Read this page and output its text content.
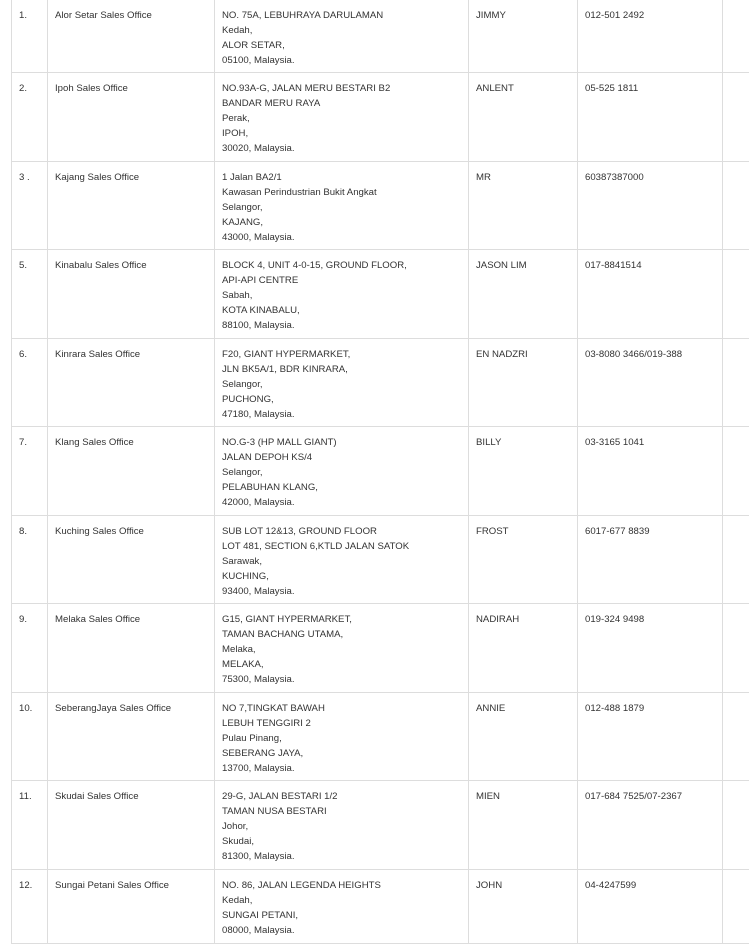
1.	Alor Setar Sales Office	NO. 75A, LEBUHRAYA DARULAMAN
Kedah,
ALOR SETAR,
05100, Malaysia.	JIMMY	012-501 2492	
2.	Ipoh Sales Office	NO.93A-G, JALAN MERU BESTARI B2
BANDAR MERU RAYA
Perak,
IPOH,
30020, Malaysia.	ANLENT	05-525 1811	
3 .	Kajang Sales Office	1 Jalan BA2/1
Kawasan Perindustrian Bukit Angkat
Selangor,
KAJANG,
43000, Malaysia.	MR	60387387000	
5.	Kinabalu Sales Office	BLOCK 4, UNIT 4-0-15, GROUND FLOOR,
API-API CENTRE
Sabah,
KOTA KINABALU,
88100, Malaysia.	JASON LIM	017-8841514	
6.	Kinrara Sales Office	F20, GIANT HYPERMARKET,
JLN BK5A/1, BDR KINRARA,
Selangor,
PUCHONG,
47180, Malaysia.	EN NADZRI	03-8080 3466/019-388	
7.	Klang Sales Office	NO.G-3 (HP MALL GIANT)
JALAN DEPOH KS/4
Selangor,
PELABUHAN KLANG,
42000, Malaysia.	BILLY	03-3165 1041	
8.	Kuching Sales Office	SUB LOT 12&13, GROUND FLOOR
LOT 481, SECTION 6,KTLD JALAN SATOK
Sarawak,
KUCHING,
93400, Malaysia.	FROST	6017-677 8839	
9.	Melaka Sales Office	G15, GIANT HYPERMARKET,
TAMAN BACHANG UTAMA,
Melaka,
MELAKA,
75300, Malaysia.	NADIRAH	019-324 9498	
10.	SeberangJaya Sales Office	NO 7,TINGKAT BAWAH
LEBUH TENGGIRI 2
Pulau Pinang,
SEBERANG JAYA,
13700, Malaysia.	ANNIE	012-488 1879	
11.	Skudai Sales Office	29-G, JALAN BESTARI 1/2
TAMAN NUSA BESTARI
Johor,
Skudai,
81300, Malaysia.	MIEN	017-684 7525/07-2367	
12.	Sungai Petani Sales Office	NO. 86, JALAN LEGENDA HEIGHTS
Kedah,
SUNGAI PETANI,
08000, Malaysia.	JOHN	04-4247599	
